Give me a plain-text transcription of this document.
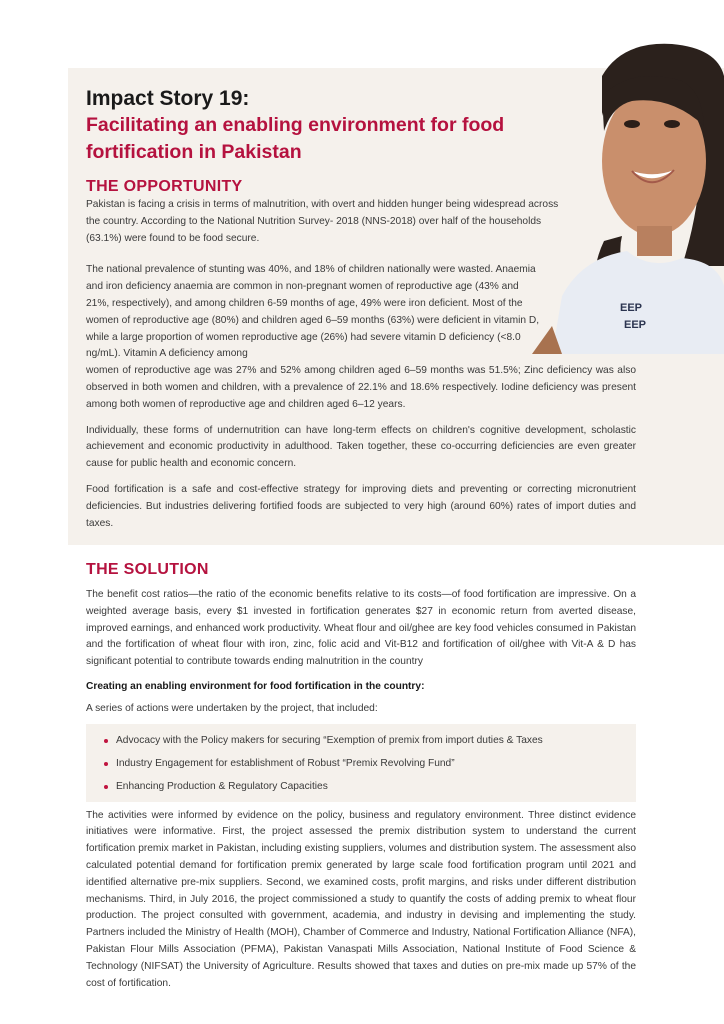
EEP
EEP
Impact Story 19:
Facilitating an enabling environment for food
fortification in Pakistan
THE OPPORTUNITY

Pakistan is facing a crisis in terms of malnutrition, with overt and hidden hunger being widespread across the country. According to the National Nutrition Survey- 2018 (NNS-2018) over half of the households (63.1%) were found to be food secure.

The national prevalence of stunting was 40%, and 18% of children nationally were wasted. Anaemia and iron deficiency anaemia are common in non-pregnant women of reproductive age (43% and 21%, respectively), and among children 6-59 months of age, 49% were iron deficient. Most of the women of reproductive age (80%) and children aged 6–59 months (63%) were deficient in vitamin D, while a large proportion of women reproductive age (26%) had severe vitamin D deficiency (<8.0 ng/mL). Vitamin A deficiency among

women of reproductive age was 27% and 52% among children aged 6–59 months was 51.5%; Zinc deficiency was also observed in both women and children, with a prevalence of 22.1% and 18.6% respectively. Iodine deficiency was present among both women of reproductive age and children aged 6–12 years.

Individually, these forms of undernutrition can have long-term effects on children's cognitive development, scholastic achievement and economic productivity in adulthood. Taken together, these co-occurring deficiencies are even greater cause for public health and economic concern.

Food fortification is a safe and cost-effective strategy for improving diets and preventing or correcting micronutrient deficiencies. But industries delivering fortified foods are subjected to very high (around 60%) rates of import duties and taxes.

THE SOLUTION

The benefit cost ratios—the ratio of the economic benefits relative to its costs—of food fortification are impressive. On a weighted average basis, every $1 invested in fortification generates $27 in economic return from averted disease, improved earnings, and enhanced work productivity. Wheat flour and oil/ghee are key food vehicles consumed in Pakistan and the fortification of wheat flour with iron, zinc, folic acid and Vit-B12 and fortification of oil/ghee with Vit-A & D has significant potential to contribute towards ending malnutrition in the country

Creating an enabling environment for food fortification in the country:

A series of actions were undertaken by the project, that included:

Advocacy with the Policy makers for securing “Exemption of premix from import duties & Taxes
Industry Engagement for establishment of Robust “Premix Revolving Fund”
Enhancing Production & Regulatory Capacities

The activities were informed by evidence on the policy, business and regulatory environment. Three distinct evidence initiatives were informative. First, the project assessed the premix distribution system to understand the current fortification premix market in Pakistan, including existing suppliers, volumes and distribution system. The assessment also calculated potential demand for fortification premix generated by large scale food fortification program until 2021 and identified alternative pre-mix suppliers. Second, we examined costs, profit margins, and risks under different distribution mechanisms. Third, in July 2016, the project commissioned a study to quantify the costs of adding premix to wheat flour production. The project consulted with government, academia, and industry in devising and implementing the study. Partners included the Ministry of Health (MOH), Chamber of Commerce and Industry, National Fortification Alliance (NFA), Pakistan Flour Mills Association (PFMA), Pakistan Vanaspati Mills Association, National Institute of Food Science & Technology (NIFSAT) the University of Agriculture. Results showed that taxes and duties on pre-mix made up 57% of the cost of fortification.
